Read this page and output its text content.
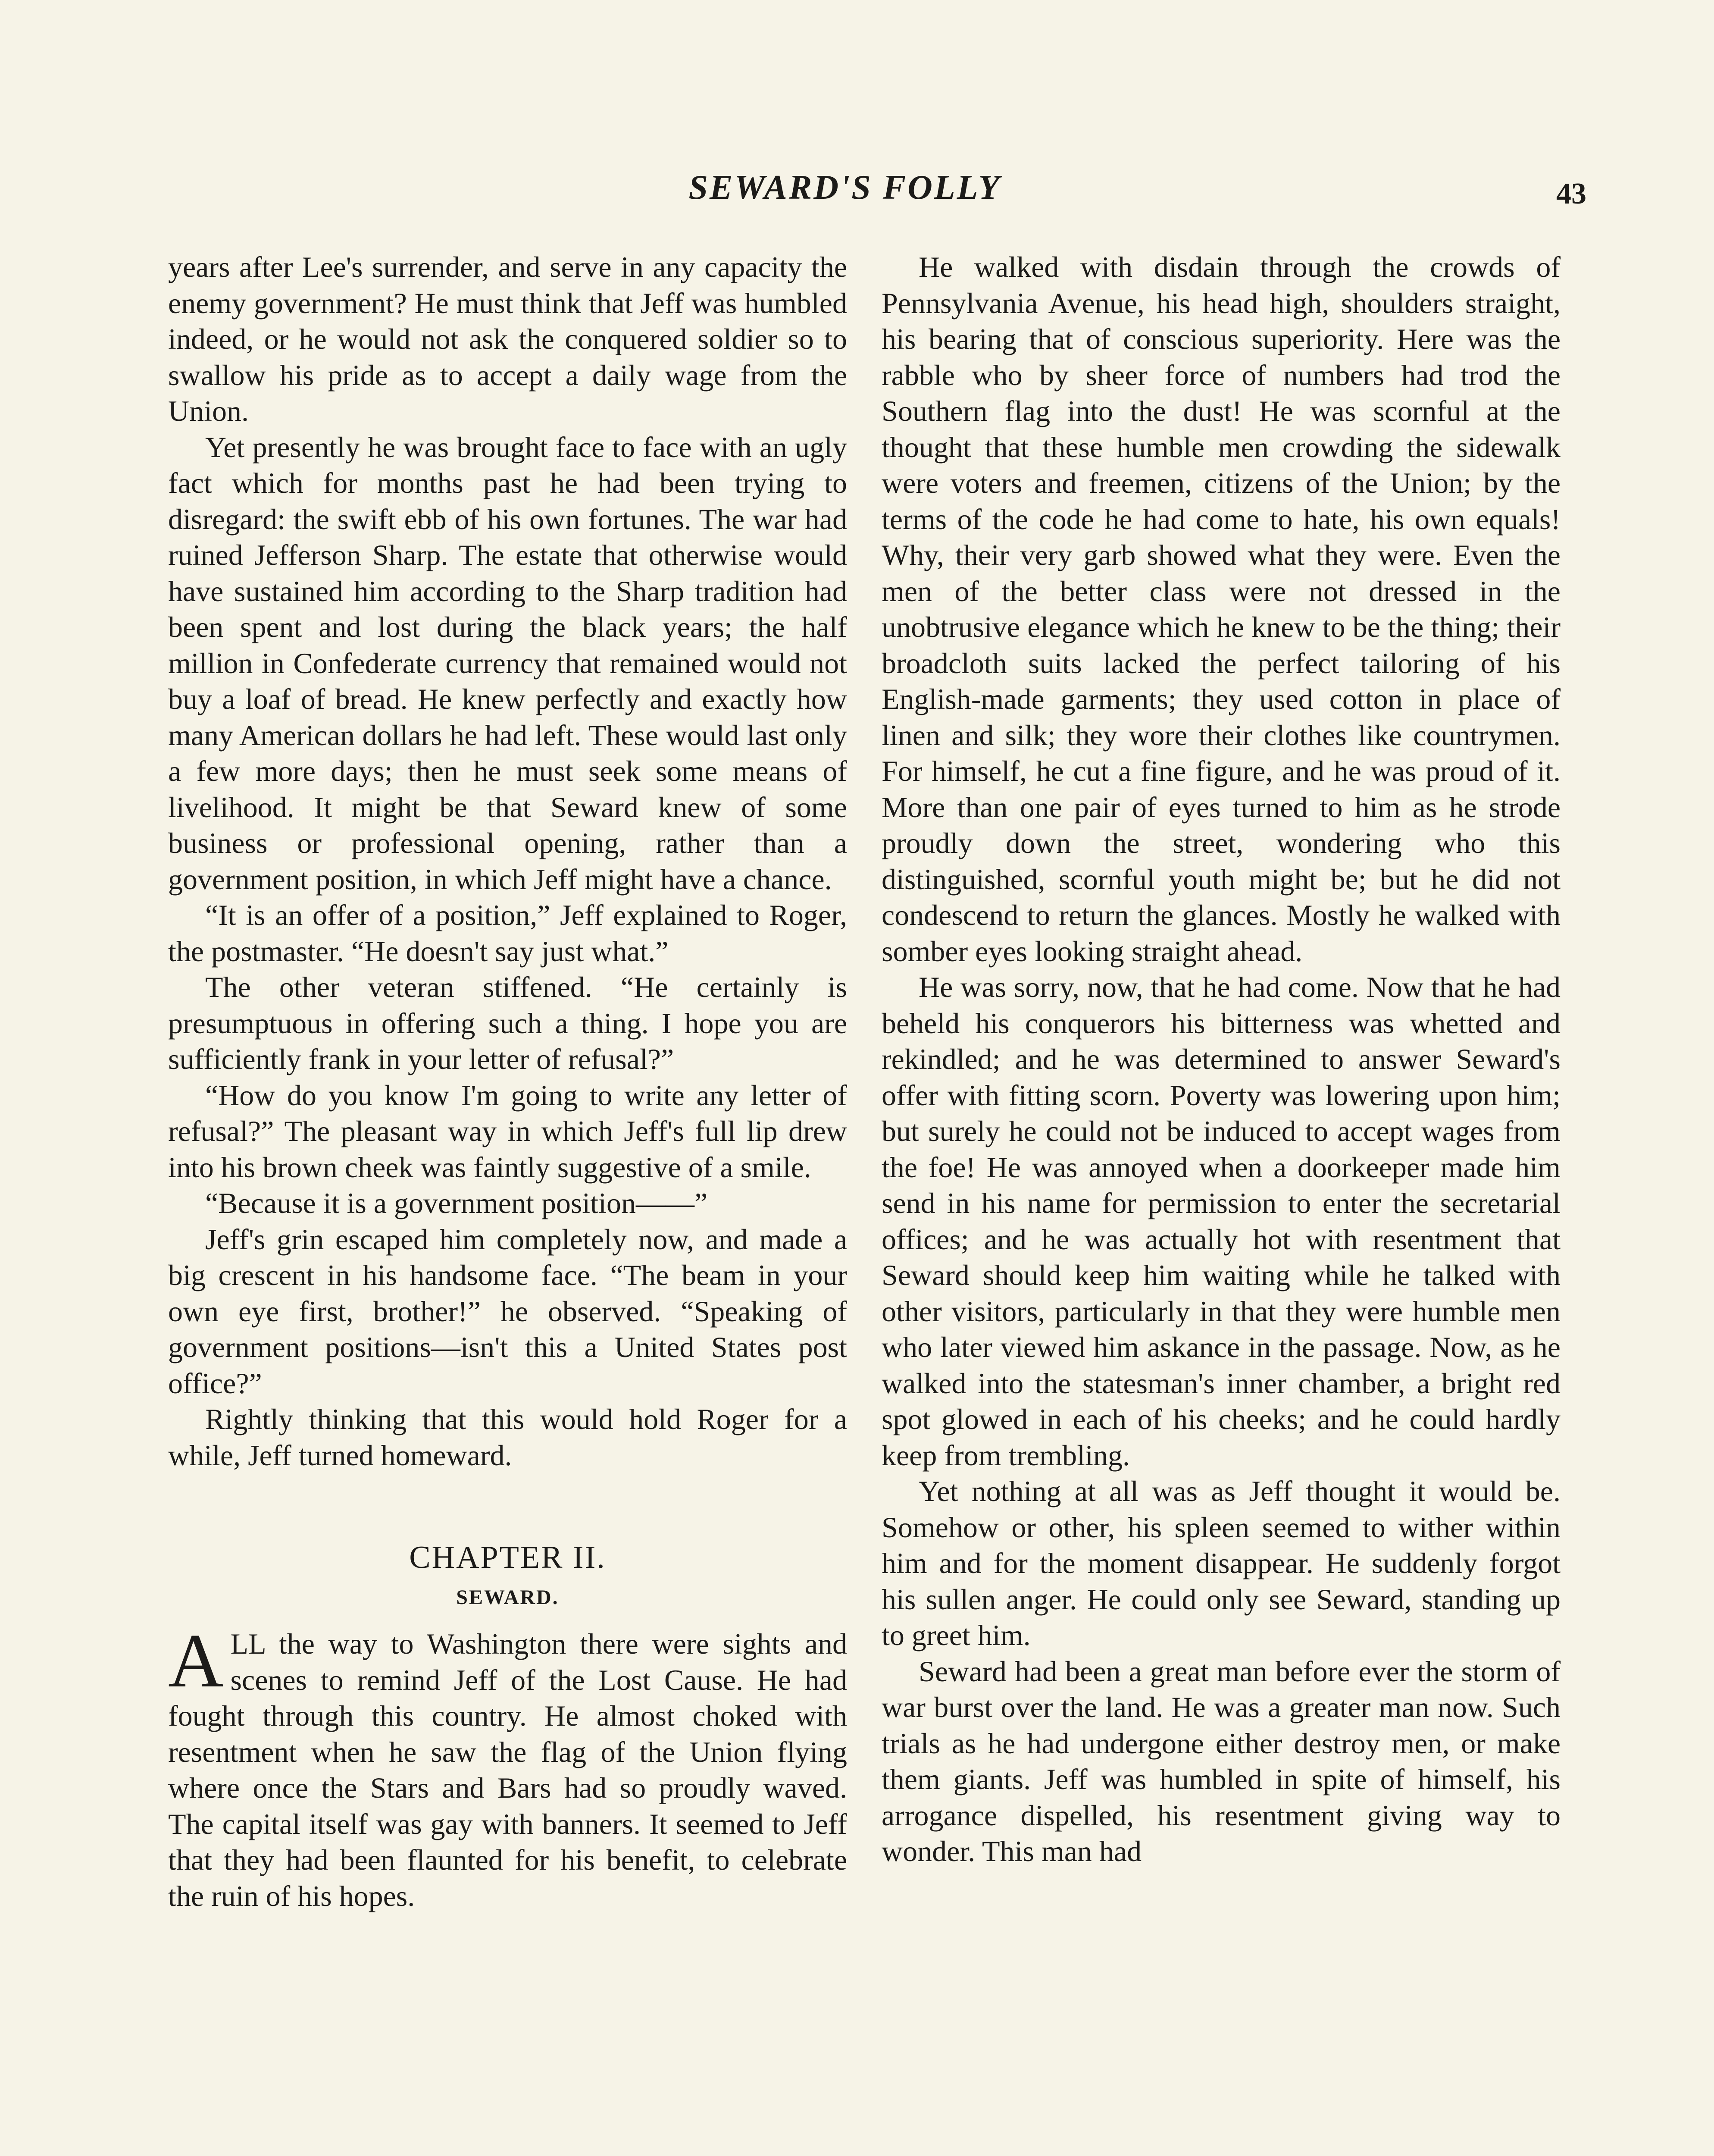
SEWARD'S FOLLY	43

years after Lee's surrender, and serve in any capacity the enemy government? He must think that Jeff was humbled indeed, or he would not ask the conquered soldier so to swallow his pride as to accept a daily wage from the Union.

Yet presently he was brought face to face with an ugly fact which for months past he had been trying to disregard: the swift ebb of his own fortunes. The war had ruined Jefferson Sharp. The estate that otherwise would have sustained him according to the Sharp tradition had been spent and lost during the black years; the half million in Confederate currency that remained would not buy a loaf of bread. He knew perfectly and exactly how many American dollars he had left. These would last only a few more days; then he must seek some means of livelihood. It might be that Seward knew of some business or professional opening, rather than a government position, in which Jeff might have a chance.

“It is an offer of a position,” Jeff explained to Roger, the postmaster. “He doesn't say just what.”

The other veteran stiffened. “He certainly is presumptuous in offering such a thing. I hope you are sufficiently frank in your letter of refusal?”

“How do you know I'm going to write any letter of refusal?” The pleasant way in which Jeff's full lip drew into his brown cheek was faintly suggestive of a smile.

“Because it is a government position——”

Jeff's grin escaped him completely now, and made a big crescent in his handsome face. “The beam in your own eye first, brother!” he observed. “Speaking of government positions—isn't this a United States post office?”

Rightly thinking that this would hold Roger for a while, Jeff turned homeward.

CHAPTER II.
SEWARD.

ALL the way to Washington there were sights and scenes to remind Jeff of the Lost Cause. He had fought through this country. He almost choked with resentment when he saw the flag of the Union flying where once the Stars and Bars had so proudly waved. The capital itself was gay with banners. It seemed to Jeff that they had been flaunted for his benefit, to celebrate the ruin of his hopes.

He walked with disdain through the crowds of Pennsylvania Avenue, his head high, shoulders straight, his bearing that of conscious superiority. Here was the rabble who by sheer force of numbers had trod the Southern flag into the dust! He was scornful at the thought that these humble men crowding the sidewalk were voters and freemen, citizens of the Union; by the terms of the code he had come to hate, his own equals! Why, their very garb showed what they were. Even the men of the better class were not dressed in the unobtrusive elegance which he knew to be the thing; their broadcloth suits lacked the perfect tailoring of his English-made garments; they used cotton in place of linen and silk; they wore their clothes like countrymen. For himself, he cut a fine figure, and he was proud of it. More than one pair of eyes turned to him as he strode proudly down the street, wondering who this distinguished, scornful youth might be; but he did not condescend to return the glances. Mostly he walked with somber eyes looking straight ahead.

He was sorry, now, that he had come. Now that he had beheld his conquerors his bitterness was whetted and rekindled; and he was determined to answer Seward's offer with fitting scorn. Poverty was lowering upon him; but surely he could not be induced to accept wages from the foe! He was annoyed when a doorkeeper made him send in his name for permission to enter the secretarial offices; and he was actually hot with resentment that Seward should keep him waiting while he talked with other visitors, particularly in that they were humble men who later viewed him askance in the passage. Now, as he walked into the statesman's inner chamber, a bright red spot glowed in each of his cheeks; and he could hardly keep from trembling.

Yet nothing at all was as Jeff thought it would be. Somehow or other, his spleen seemed to wither within him and for the moment disappear. He suddenly forgot his sullen anger. He could only see Seward, standing up to greet him.

Seward had been a great man before ever the storm of war burst over the land. He was a greater man now. Such trials as he had undergone either destroy men, or make them giants. Jeff was humbled in spite of himself, his arrogance dispelled, his resentment giving way to wonder. This man had
